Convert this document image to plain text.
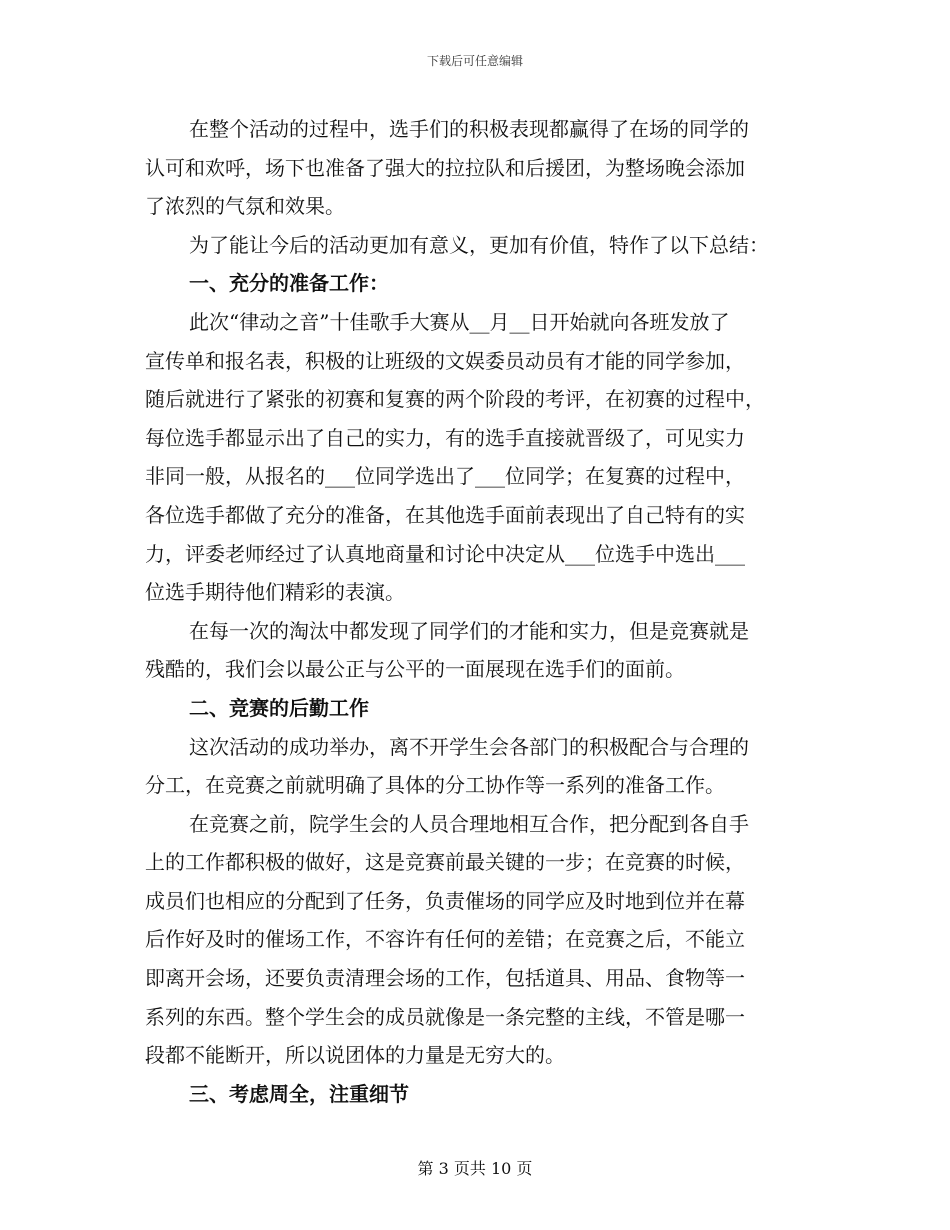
下载后可任意编辑
在整个活动的过程中，选手们的积极表现都赢得了在场的同学的
认可和欢呼，场下也准备了强大的拉拉队和后援团，为整场晚会添加
了浓烈的气氛和效果。
为了能让今后的活动更加有意义，更加有价值，特作了以下总结：
一、充分的准备工作：
此次“律动之音”十佳歌手大赛从__月__日开始就向各班发放了
宣传单和报名表，积极的让班级的文娱委员动员有才能的同学参加，
随后就进行了紧张的初赛和复赛的两个阶段的考评，在初赛的过程中，
每位选手都显示出了自己的实力，有的选手直接就晋级了，可见实力
非同一般，从报名的___位同学选出了___位同学；在复赛的过程中，
各位选手都做了充分的准备，在其他选手面前表现出了自己特有的实
力，评委老师经过了认真地商量和讨论中决定从___位选手中选出___
位选手期待他们精彩的表演。
在每一次的淘汰中都发现了同学们的才能和实力，但是竞赛就是
残酷的，我们会以最公正与公平的一面展现在选手们的面前。
二、竞赛的后勤工作
这次活动的成功举办，离不开学生会各部门的积极配合与合理的
分工，在竞赛之前就明确了具体的分工协作等一系列的准备工作。
在竞赛之前，院学生会的人员合理地相互合作，把分配到各自手
上的工作都积极的做好，这是竞赛前最关键的一步；在竞赛的时候，
成员们也相应的分配到了任务，负责催场的同学应及时地到位并在幕
后作好及时的催场工作，不容许有任何的差错；在竞赛之后，不能立
即离开会场，还要负责清理会场的工作，包括道具、用品、食物等一
系列的东西。整个学生会的成员就像是一条完整的主线，不管是哪一
段都不能断开，所以说团体的力量是无穷大的。
三、考虑周全，注重细节
第 3 页共 10 页
